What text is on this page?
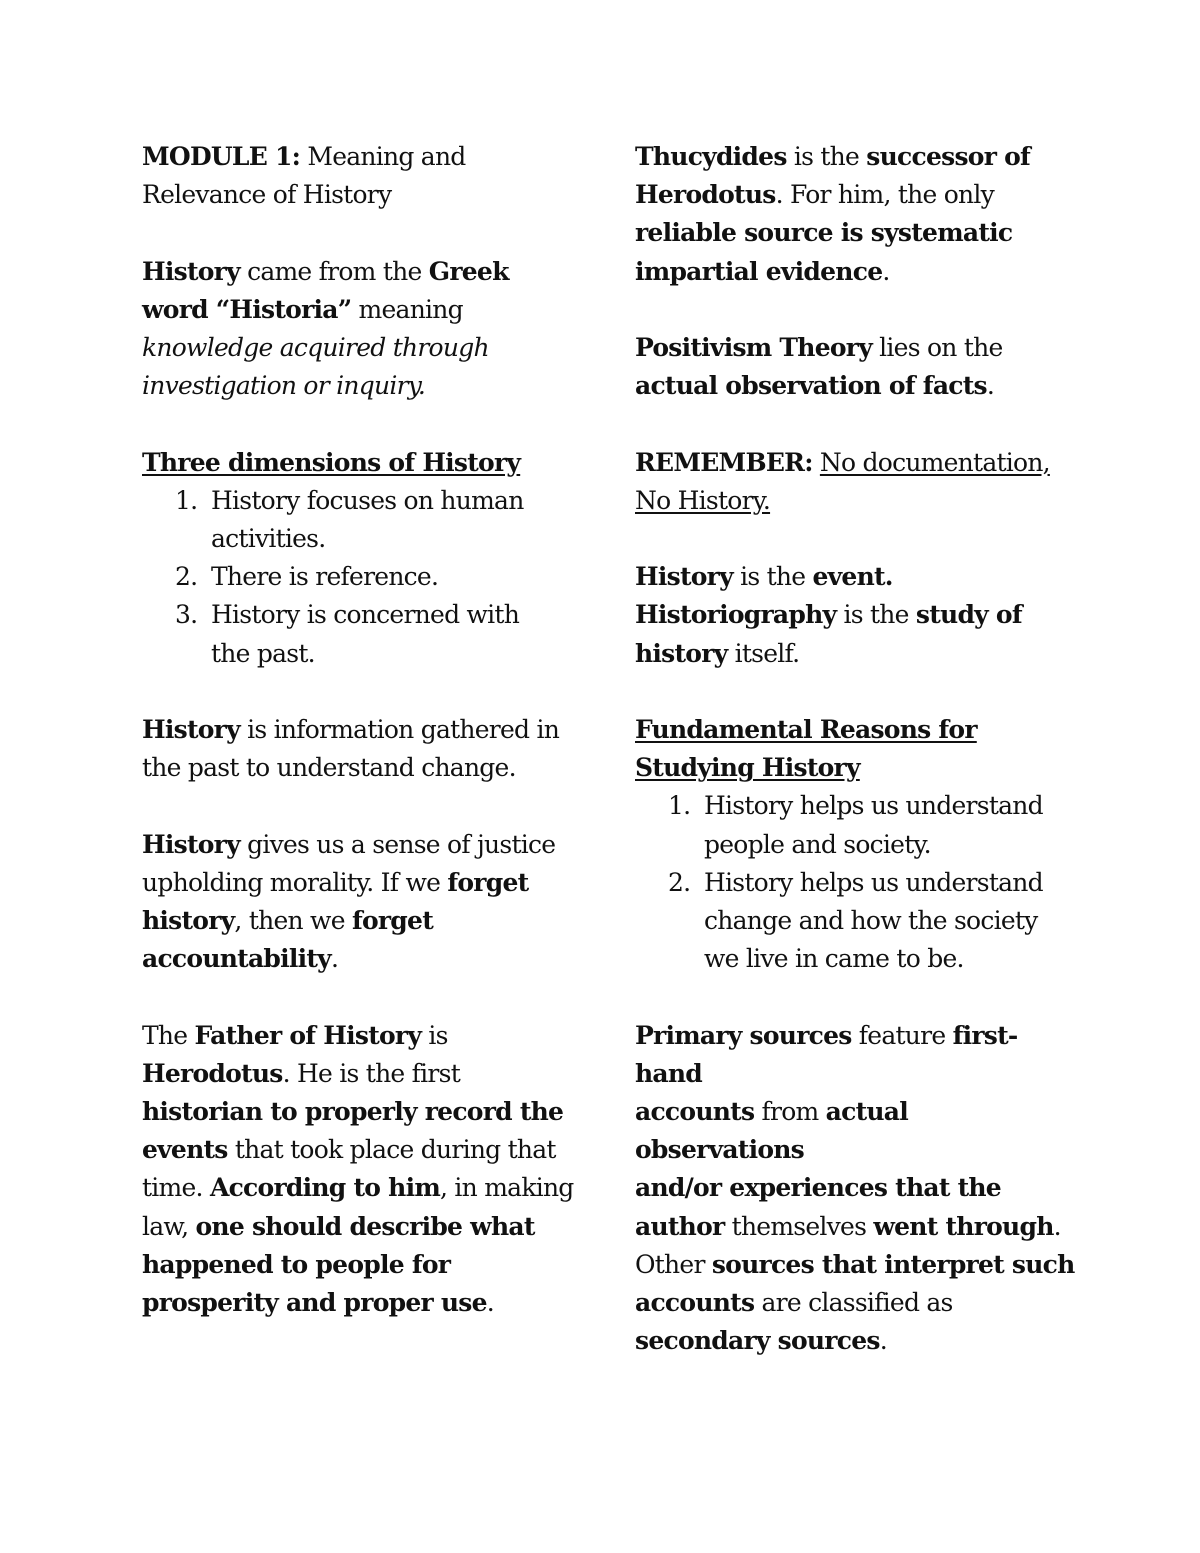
MODULE 1: Meaning and

Relevance of History

History came from the Greek

word “Historia” meaning

knowledge acquired through

investigation or inquiry.

Three dimensions of History

1. History focuses on human
activities.
2. There is reference.
3. History is concerned with
the past.

History is information gathered in

the past to understand change.

History gives us a sense of justice

upholding morality. If we forget

history, then we forget

accountability.

The Father of History is

Herodotus. He is the first

historian to properly record the

events that took place during that

time. According to him, in making

law, one should describe what

happened to people for

prosperity and proper use.

Thucydides is the successor of

Herodotus. For him, the only

reliable source is systematic

impartial evidence.

Positivism Theory lies on the

actual observation of facts.

REMEMBER: No documentation,

No History.

History is the event.

Historiography is the study of

history itself.

Fundamental Reasons for

Studying History

1. History helps us understand
people and society.
2. History helps us understand
change and how the society
we live in came to be.

Primary sources feature first-hand

accounts from actual observations

and/or experiences that the

author themselves went through.

Other sources that interpret such

accounts are classified as

secondary sources.
